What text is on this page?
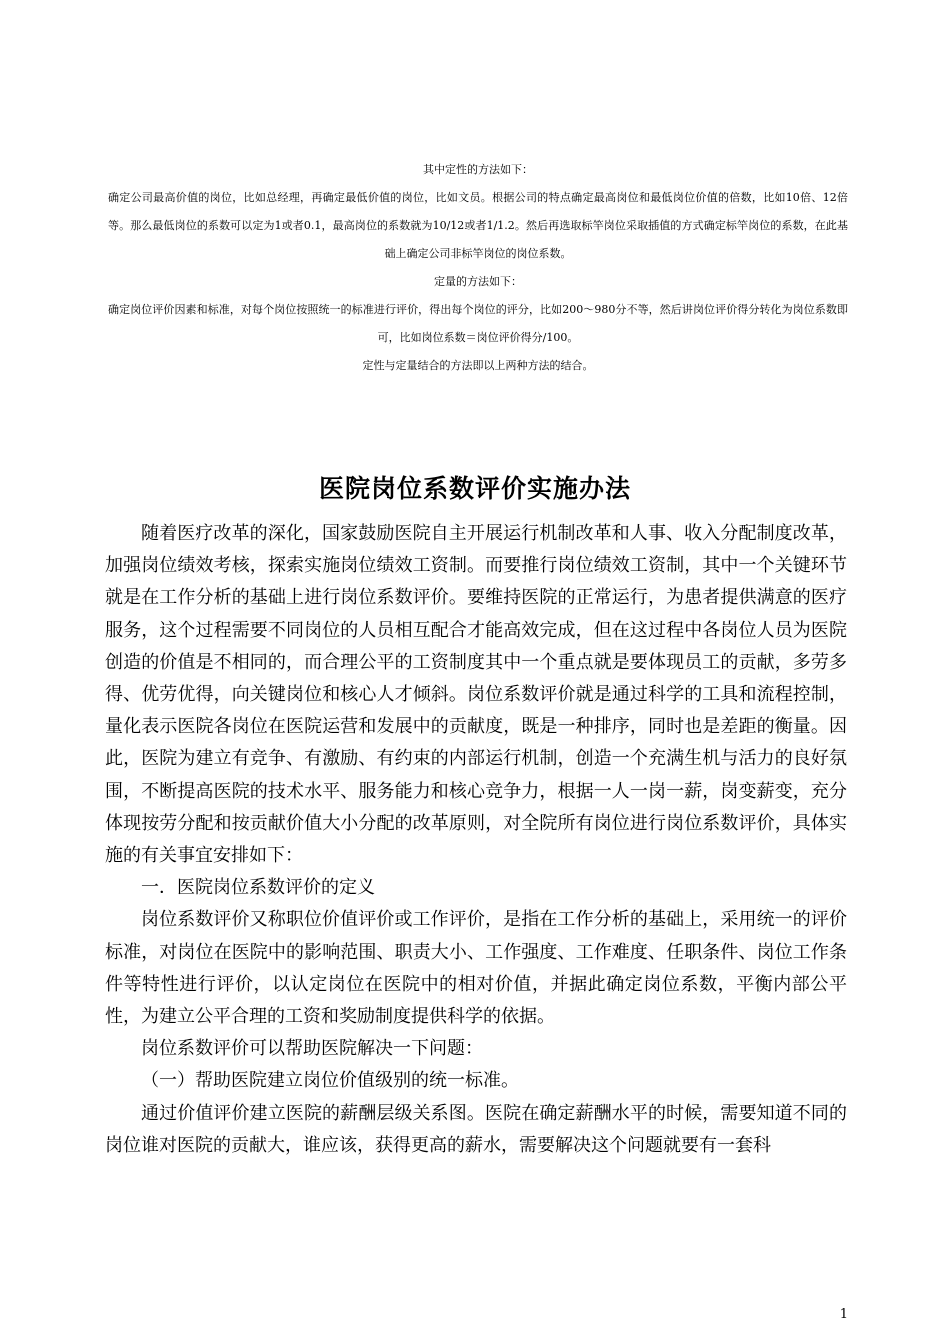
其中定性的方法如下：

确定公司最高价值的岗位，比如总经理，再确定最低价值的岗位，比如文员。根据公司的特点确定最高岗位和最低岗位价值的倍数，比如10倍、12倍等。那么最低岗位的系数可以定为1或者0.1，最高岗位的系数就为10/12或者1/1.2。然后再选取标竿岗位采取插值的方式确定标竿岗位的系数，在此基础上确定公司非标竿岗位的岗位系数。

定量的方法如下：

确定岗位评价因素和标准，对每个岗位按照统一的标准进行评价，得出每个岗位的评分，比如200～980分不等，然后讲岗位评价得分转化为岗位系数即可，比如岗位系数＝岗位评价得分/100。

定性与定量结合的方法即以上两种方法的结合。

医院岗位系数评价实施办法

随着医疗改革的深化，国家鼓励医院自主开展运行机制改革和人事、收入分配制度改革，加强岗位绩效考核，探索实施岗位绩效工资制。而要推行岗位绩效工资制，其中一个关键环节就是在工作分析的基础上进行岗位系数评价。要维持医院的正常运行，为患者提供满意的医疗服务，这个过程需要不同岗位的人员相互配合才能高效完成，但在这过程中各岗位人员为医院创造的价值是不相同的，而合理公平的工资制度其中一个重点就是要体现员工的贡献，多劳多得、优劳优得，向关键岗位和核心人才倾斜。岗位系数评价就是通过科学的工具和流程控制，量化表示医院各岗位在医院运营和发展中的贡献度，既是一种排序，同时也是差距的衡量。因此，医院为建立有竞争、有激励、有约束的内部运行机制，创造一个充满生机与活力的良好氛围，不断提高医院的技术水平、服务能力和核心竞争力，根据一人一岗一薪，岗变薪变，充分体现按劳分配和按贡献价值大小分配的改革原则，对全院所有岗位进行岗位系数评价，具体实施的有关事宜安排如下：

一．医院岗位系数评价的定义

岗位系数评价又称职位价值评价或工作评价，是指在工作分析的基础上，采用统一的评价标准，对岗位在医院中的影响范围、职责大小、工作强度、工作难度、任职条件、岗位工作条件等特性进行评价，以认定岗位在医院中的相对价值，并据此确定岗位系数，平衡内部公平性，为建立公平合理的工资和奖励制度提供科学的依据。

岗位系数评价可以帮助医院解决一下问题：

（一）帮助医院建立岗位价值级别的统一标准。

通过价值评价建立医院的薪酬层级关系图。医院在确定薪酬水平的时候，需要知道不同的岗位谁对医院的贡献大，谁应该，获得更高的薪水，需要解决这个问题就要有一套科

1
